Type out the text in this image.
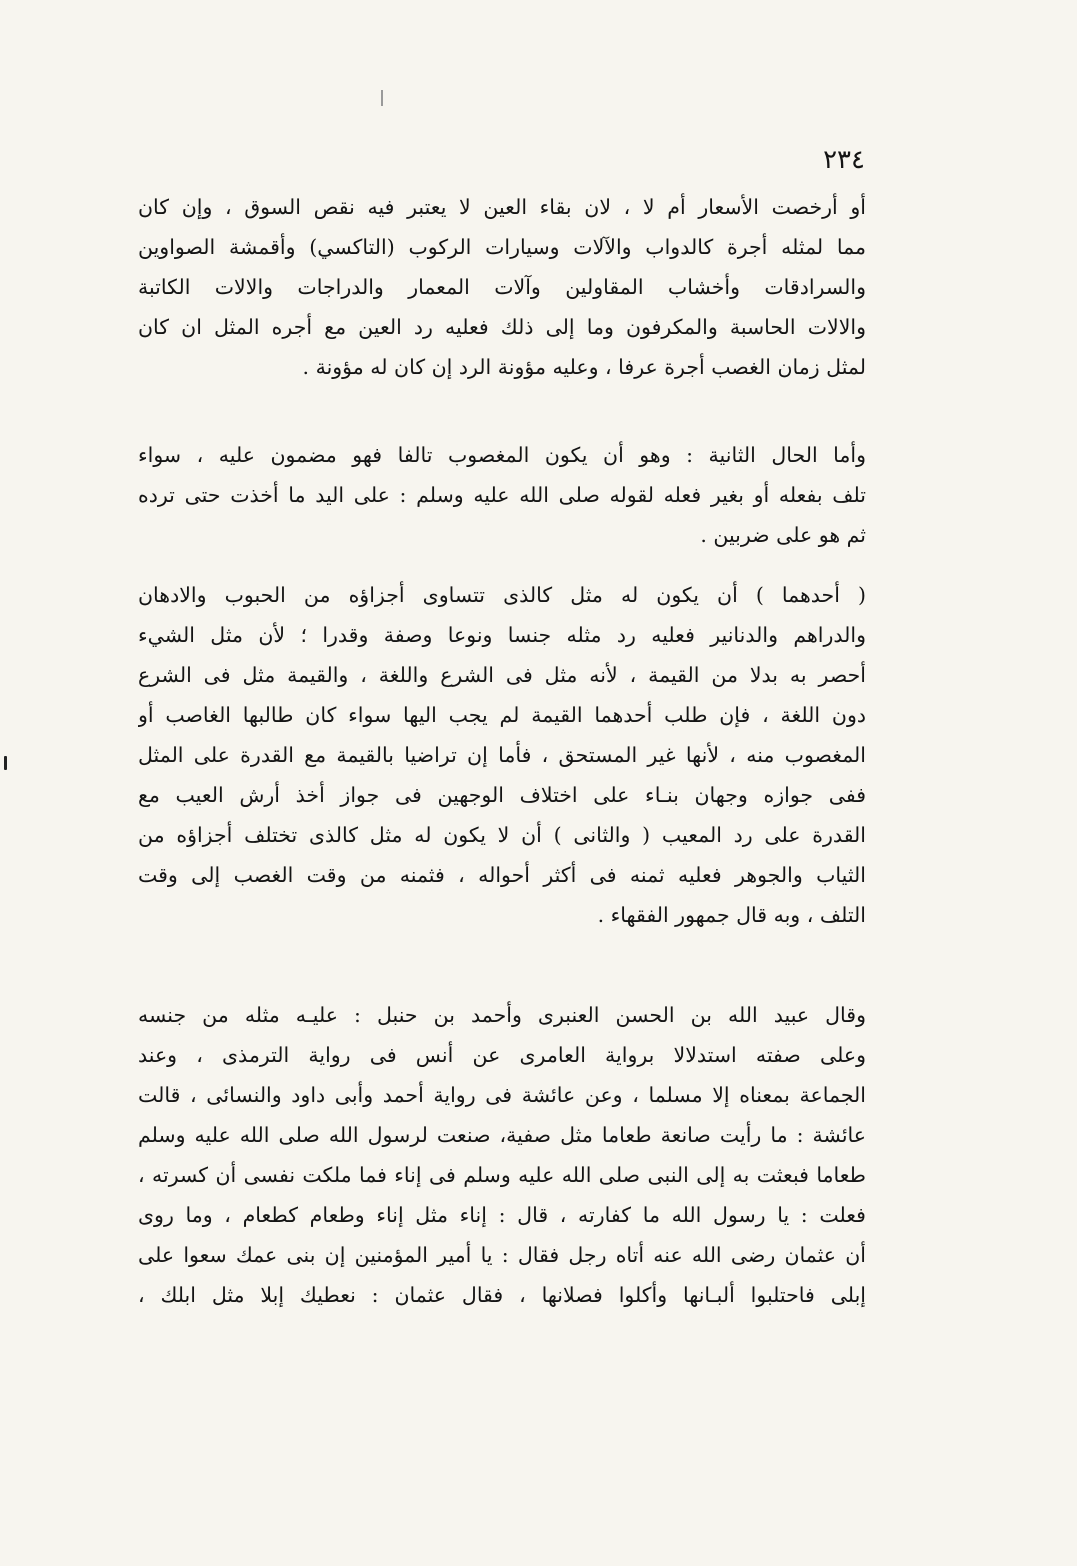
٢٣٤
أو أرخصت الأسعار أم لا ، لان بقاء العين لا يعتبر فيه نقص السوق ، وإن كان
مما لمثله أجرة كالدواب والآلات وسيارات الركوب (التاكسي) وأقمشة الصواوين
والسرادقات وأخشاب المقاولين وآلات المعمار والدراجات والالات الكاتبة
والالات الحاسبة والمكرفون وما إلى ذلك فعليه رد العين مع أجره المثل ان كان
لمثل زمان الغصب أجرة عرفا ، وعليه مؤونة الرد إن كان له مؤونة .
وأما الحال الثانية : وهو أن يكون المغصوب تالفا فهو مضمون عليه ، سواء
تلف بفعله أو بغير فعله لقوله صلى الله عليه وسلم : على اليد ما أخذت حتى ترده
ثم هو على ضربين .
( أحدهما ) أن يكون له مثل كالذى تتساوى أجزاؤه من الحبوب والادهان
والدراهم والدنانير فعليه رد مثله جنسا ونوعا وصفة وقدرا ؛ لأن مثل الشيء
أحصر به بدلا من القيمة ، لأنه مثل فى الشرع واللغة ، والقيمة مثل فى الشرع
دون اللغة ، فإن طلب أحدهما القيمة لم يجب اليها سواء كان طالبها الغاصب أو
المغصوب منه ، لأنها غير المستحق ، فأما إن تراضيا بالقيمة مع القدرة على المثل
ففى جوازه وجهان بنـاء على اختلاف الوجهين فى جواز أخذ أرش العيب مع
القدرة على رد المعيب ( والثانى ) أن لا يكون له مثل كالذى تختلف أجزاؤه من
الثياب والجوهر فعليه ثمنه فى أكثر أحواله ، فثمنه من وقت الغصب إلى وقت
التلف ، وبه قال جمهور الفقهاء .
وقال عبيد الله بن الحسن العنبرى وأحمد بن حنبل : عليـه مثله من جنسه
وعلى صفته استدلالا برواية العامرى عن أنس فى رواية الترمذى ، وعند
الجماعة بمعناه إلا مسلما ، وعن عائشة فى رواية أحمد وأبى داود والنسائى ، قالت
عائشة : ما رأيت صانعة طعاما مثل صفية، صنعت لرسول الله صلى الله عليه وسلم
طعاما فبعثت به إلى النبى صلى الله عليه وسلم فى إناء فما ملكت نفسى أن كسرته ،
فعلت : يا رسول الله ما كفارته ، قال : إناء مثل إناء وطعام كطعام ، وما روى
أن عثمان رضى الله عنه أتاه رجل فقال : يا أمير المؤمنين إن بنى عمك سعوا على
إبلى فاحتلبوا ألبـانها وأكلوا فصلانها ، فقال عثمان : نعطيك إبلا مثل ابلك ،
